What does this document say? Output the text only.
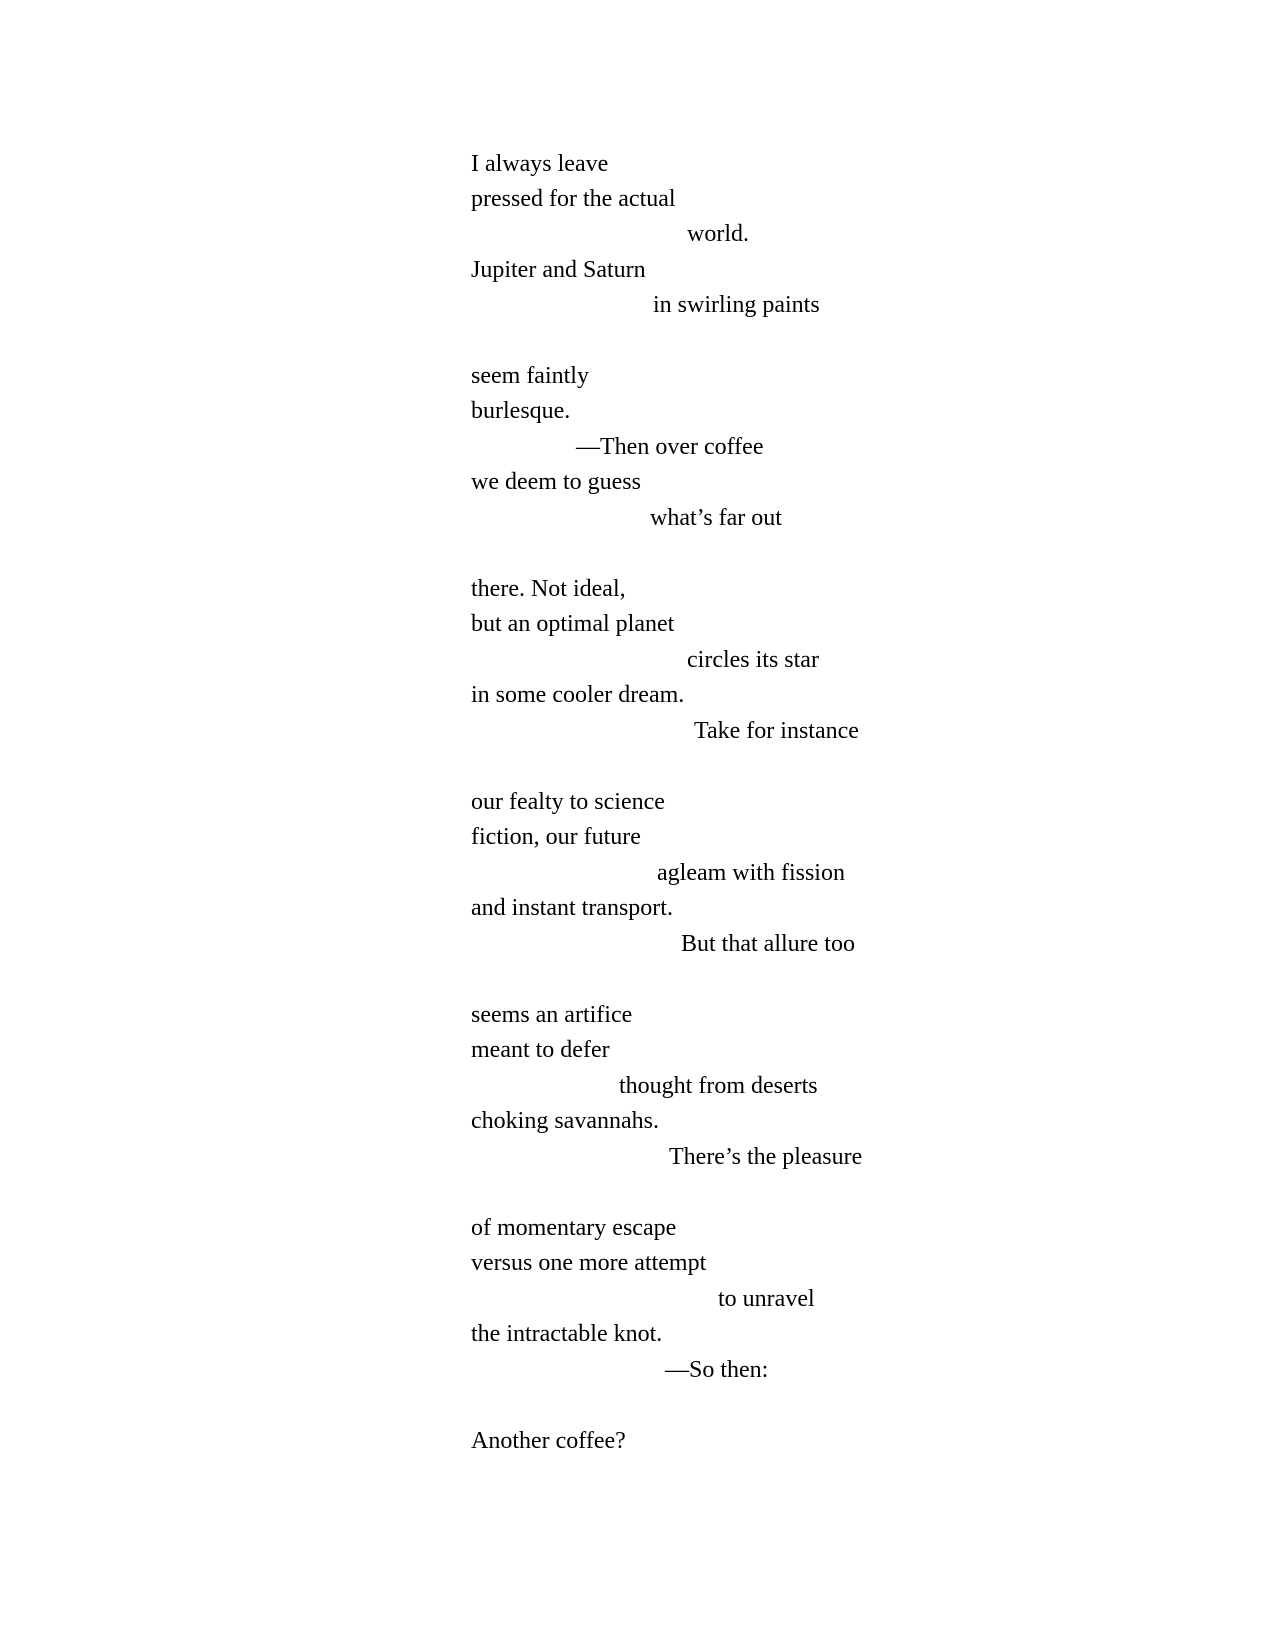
I always leave
pressed for the actual
world.
Jupiter and Saturn
in swirling paints
seem faintly
burlesque.
—Then over coffee
we deem to guess
what’s far out
there. Not ideal,
but an optimal planet
circles its star
in some cooler dream.
Take for instance
our fealty to science
fiction, our future
agleam with fission
and instant transport.
But that allure too
seems an artifice
meant to defer
thought from deserts
choking savannahs.
There’s the pleasure
of momentary escape
versus one more attempt
to unravel
the intractable knot.
—So then:
Another coffee?
